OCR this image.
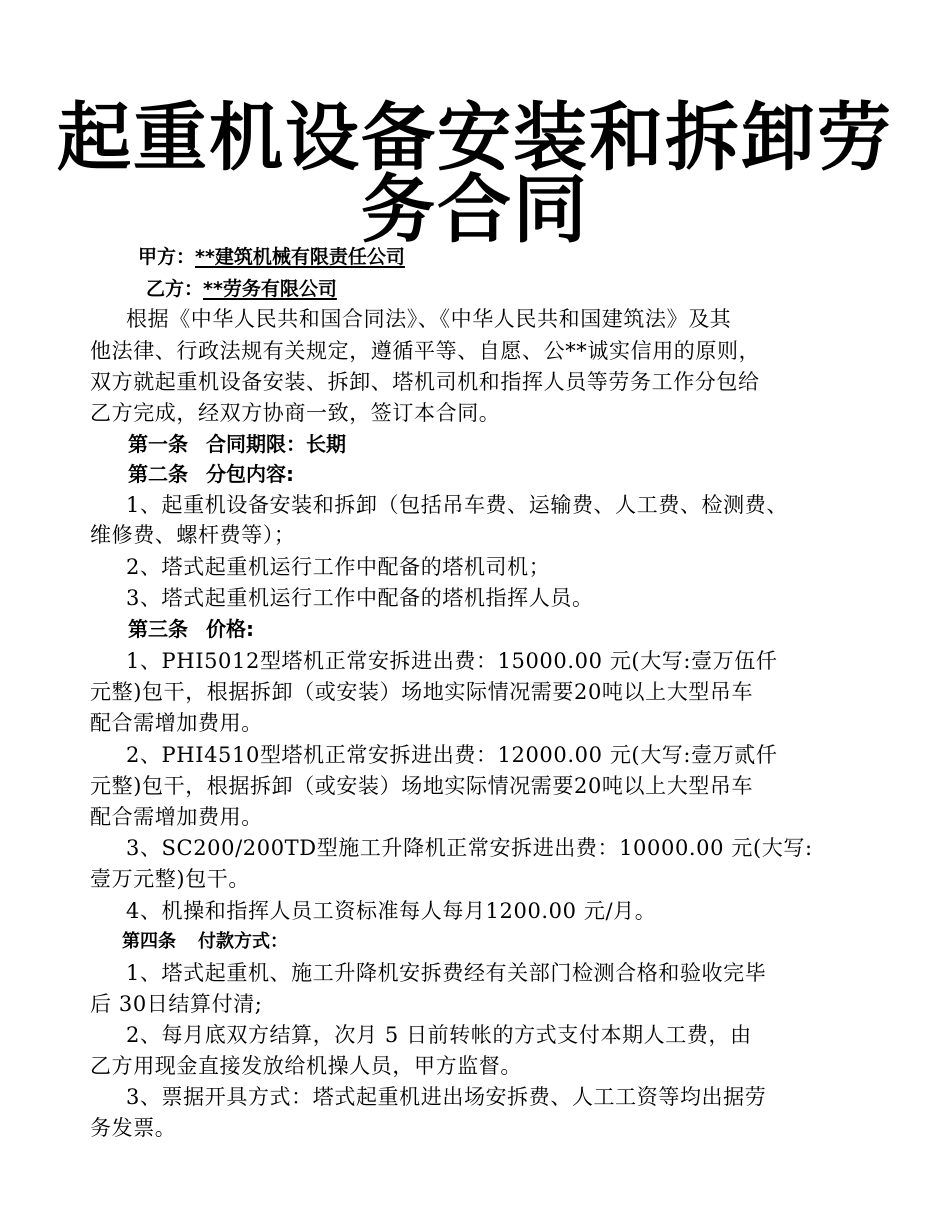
起重机设备安装和拆卸劳
务合同
甲方：**建筑机械有限责任公司
乙方：**劳务有限公司
根据《中华人民共和国合同法》、《中华人民共和国建筑法》及其
他法律、行政法规有关规定，遵循平等、自愿、公**诚实信用的原则，
双方就起重机设备安装、拆卸、塔机司机和指挥人员等劳务工作分包给
乙方完成，经双方协商一致，签订本合同。
第一条 合同期限：长期
第二条 分包内容:
1、起重机设备安装和拆卸（包括吊车费、运输费、人工费、检测费、
维修费、螺杆费等）；
2、塔式起重机运行工作中配备的塔机司机；
3、塔式起重机运行工作中配备的塔机指挥人员。
第三条 价格:
1、PHI5012型塔机正常安拆进出费：15000.00 元(大写:壹万伍仟
元整)包干，根据拆卸（或安装）场地实际情况需要20吨以上大型吊车
配合需增加费用。
2、PHI4510型塔机正常安拆进出费：12000.00 元(大写:壹万贰仟
元整)包干，根据拆卸（或安装）场地实际情况需要20吨以上大型吊车
配合需增加费用。
3、SC200/200TD型施工升降机正常安拆进出费：10000.00 元(大写:
壹万元整)包干。
4、机操和指挥人员工资标准每人每月1200.00 元/月。
第四条 付款方式：
1、塔式起重机、施工升降机安拆费经有关部门检测合格和验收完毕
后 30日结算付清;
2、每月底双方结算，次月 5 日前转帐的方式支付本期人工费，由
乙方用现金直接发放给机操人员，甲方监督。
3、票据开具方式：塔式起重机进出场安拆费、人工工资等均出据劳
务发票。
